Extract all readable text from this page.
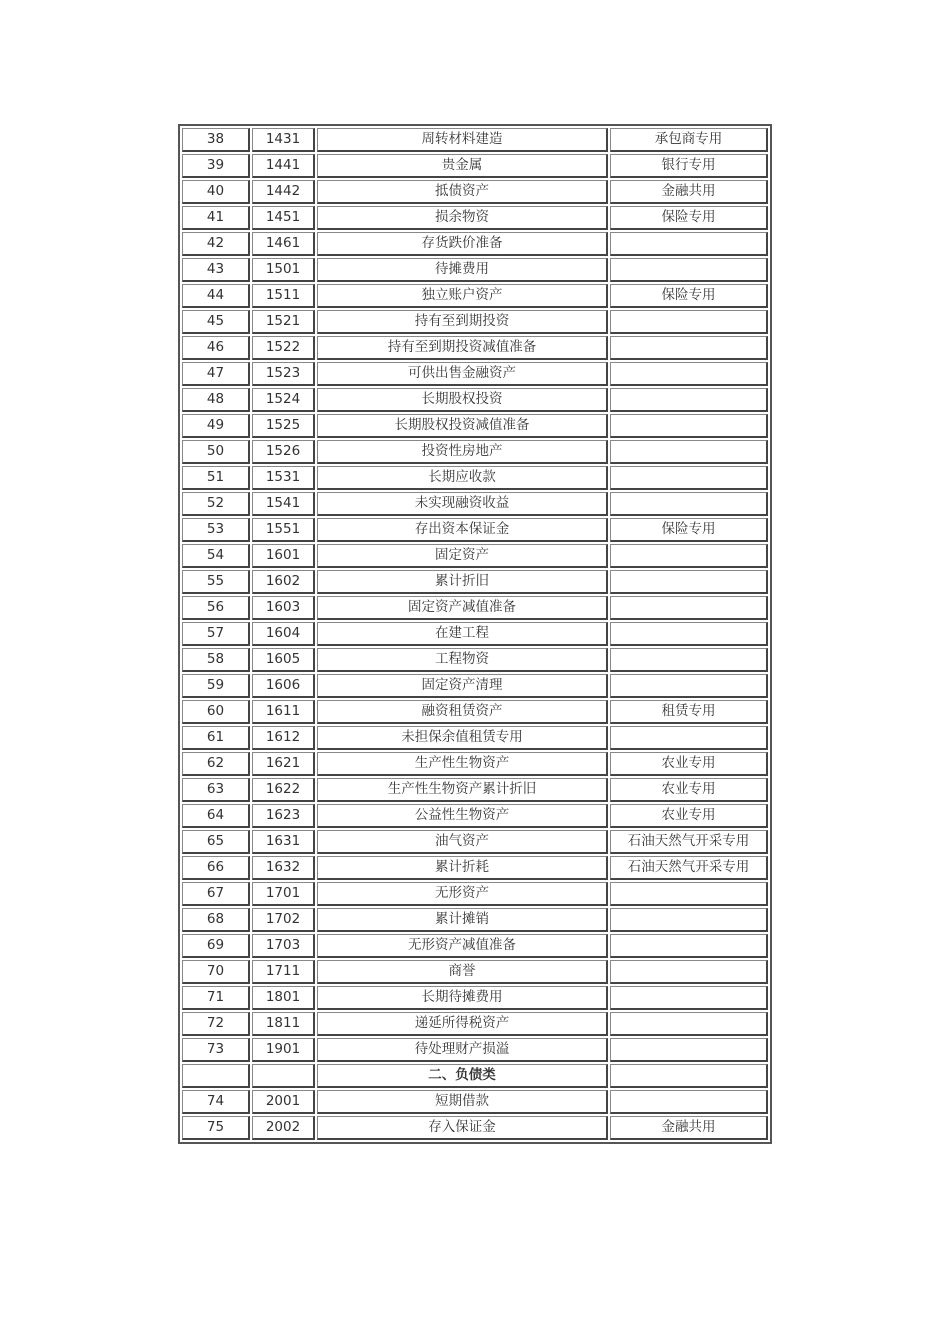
38	1431	周转材料建造	承包商专用
39	1441	贵金属	银行专用
40	1442	抵债资产	金融共用
41	1451	损余物资	保险专用
42	1461	存货跌价准备	
43	1501	待摊费用	
44	1511	独立账户资产	保险专用
45	1521	持有至到期投资	
46	1522	持有至到期投资减值准备	
47	1523	可供出售金融资产	
48	1524	长期股权投资	
49	1525	长期股权投资减值准备	
50	1526	投资性房地产	
51	1531	长期应收款	
52	1541	未实现融资收益	
53	1551	存出资本保证金	保险专用
54	1601	固定资产	
55	1602	累计折旧	
56	1603	固定资产减值准备	
57	1604	在建工程	
58	1605	工程物资	
59	1606	固定资产清理	
60	1611	融资租赁资产	租赁专用
61	1612	未担保余值租赁专用	
62	1621	生产性生物资产	农业专用
63	1622	生产性生物资产累计折旧	农业专用
64	1623	公益性生物资产	农业专用
65	1631	油气资产	石油天然气开采专用
66	1632	累计折耗	石油天然气开采专用
67	1701	无形资产	
68	1702	累计摊销	
69	1703	无形资产减值准备	
70	1711	商誉	
71	1801	长期待摊费用	
72	1811	递延所得税资产	
73	1901	待处理财产损溢	
		二、负债类	
74	2001	短期借款	
75	2002	存入保证金	金融共用
